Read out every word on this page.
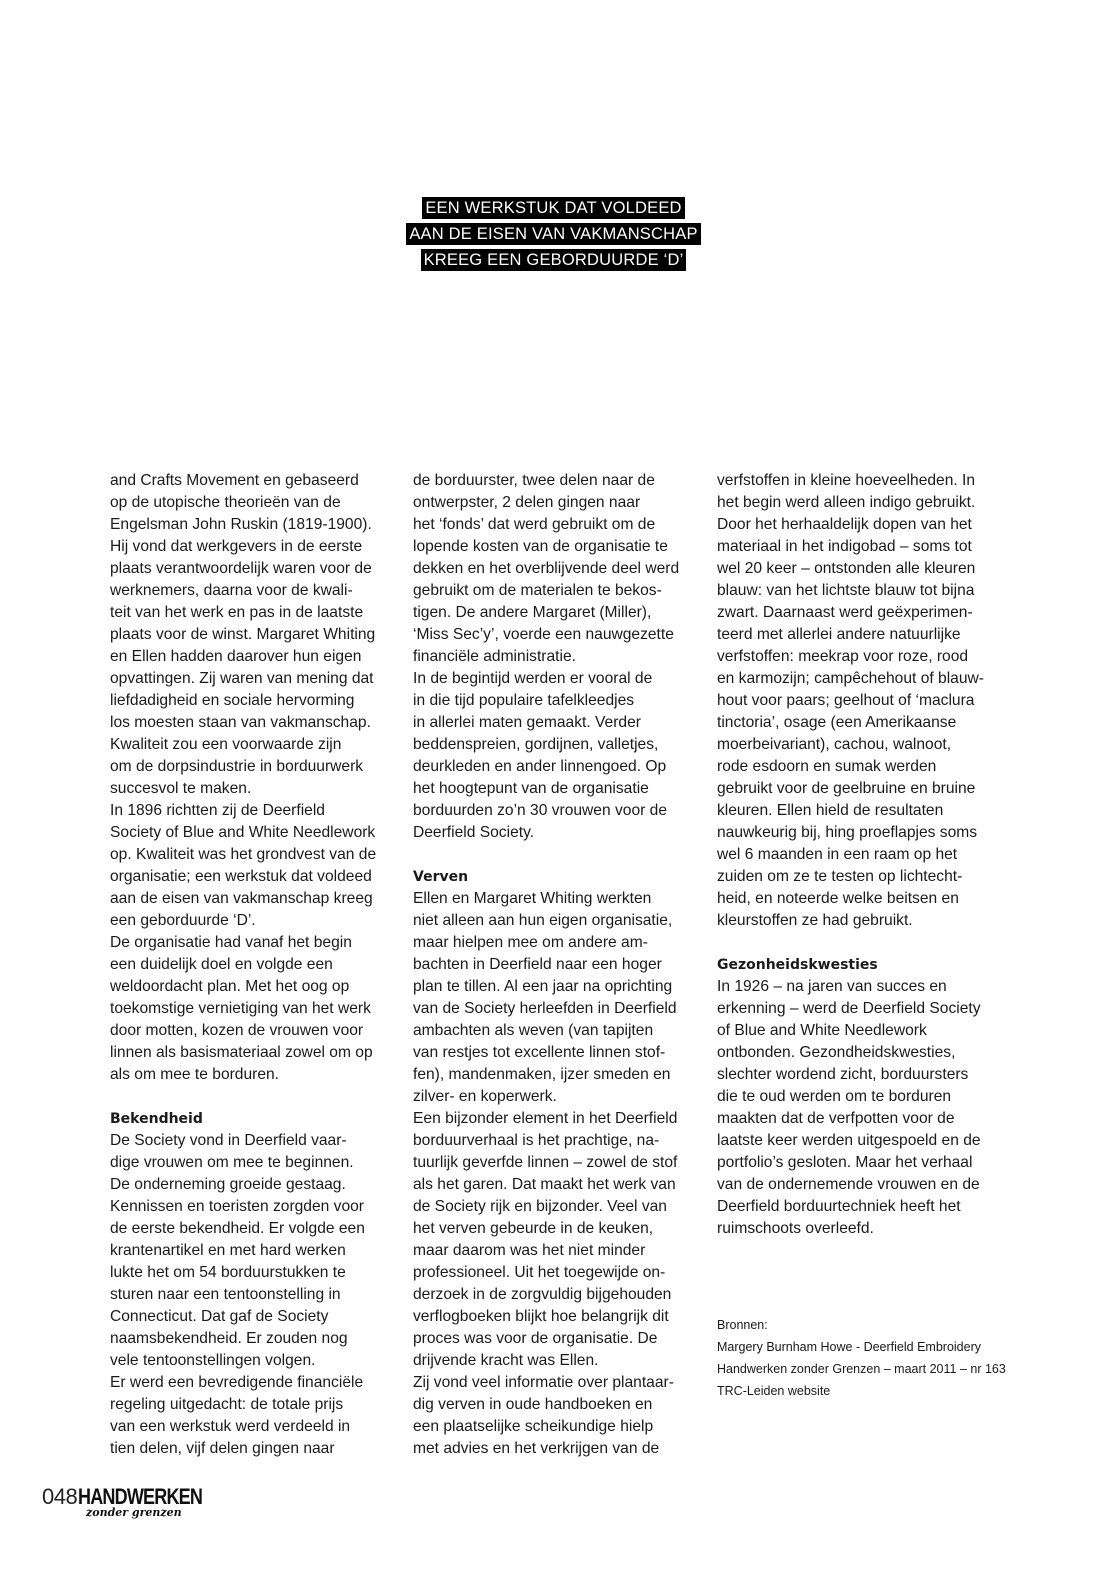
EEN WERKSTUK DAT VOLDEED
AAN DE EISEN VAN VAKMANSCHAP
KREEG EEN GEBORDUURDE ‘D’

and Crafts Movement en gebaseerd

op de utopische theorieën van de

Engelsman John Ruskin (1819-1900).

Hij vond dat werkgevers in de eerste

plaats verantwoordelijk waren voor de

werknemers, daarna voor de kwali-

teit van het werk en pas in de laatste

plaats voor de winst. Margaret Whiting

en Ellen hadden daarover hun eigen

opvattingen. Zij waren van mening dat

liefdadigheid en sociale hervorming

los moesten staan van vakmanschap.

Kwaliteit zou een voorwaarde zijn

om de dorpsindustrie in borduurwerk

succesvol te maken.

In 1896 richtten zij de Deerfield

Society of Blue and White Needlework

op. Kwaliteit was het grondvest van de

organisatie; een werkstuk dat voldeed

aan de eisen van vakmanschap kreeg

een geborduurde ‘D’.

De organisatie had vanaf het begin

een duidelijk doel en volgde een

weldoordacht plan. Met het oog op

toekomstige vernietiging van het werk

door motten, kozen de vrouwen voor

linnen als basismateriaal zowel om op

als om mee te borduren.

Bekendheid

De Society vond in Deerfield vaar-

dige vrouwen om mee te beginnen.

De onderneming groeide gestaag.

Kennissen en toeristen zorgden voor

de eerste bekendheid. Er volgde een

krantenartikel en met hard werken

lukte het om 54 borduurstukken te

sturen naar een tentoonstelling in

Connecticut. Dat gaf de Society

naamsbekendheid. Er zouden nog

vele tentoonstellingen volgen.

Er werd een bevredigende financiële

regeling uitgedacht: de totale prijs

van een werkstuk werd verdeeld in

tien delen, vijf delen gingen naar

de borduurster, twee delen naar de

ontwerpster, 2 delen gingen naar

het ‘fonds’ dat werd gebruikt om de

lopende kosten van de organisatie te

dekken en het overblijvende deel werd

gebruikt om de materialen te bekos-

tigen. De andere Margaret (Miller),

‘Miss Sec’y’, voerde een nauwgezette

financiële administratie.

In de begintijd werden er vooral de

in die tijd populaire tafelkleedjes

in allerlei maten gemaakt. Verder

beddenspreien, gordijnen, valletjes,

deurkleden en ander linnengoed. Op

het hoogtepunt van de organisatie

borduurden zo’n 30 vrouwen voor de

Deerfield Society.

Verven

Ellen en Margaret Whiting werkten

niet alleen aan hun eigen organisatie,

maar hielpen mee om andere am-

bachten in Deerfield naar een hoger

plan te tillen. Al een jaar na oprichting

van de Society herleefden in Deerfield

ambachten als weven (van tapijten

van restjes tot excellente linnen stof-

fen), mandenmaken, ijzer smeden en

zilver- en koperwerk.

Een bijzonder element in het Deerfield

borduurverhaal is het prachtige, na-

tuurlijk geverfde linnen – zowel de stof

als het garen. Dat maakt het werk van

de Society rijk en bijzonder. Veel van

het verven gebeurde in de keuken,

maar daarom was het niet minder

professioneel. Uit het toegewijde on-

derzoek in de zorgvuldig bijgehouden

verflogboeken blijkt hoe belangrijk dit

proces was voor de organisatie. De

drijvende kracht was Ellen.

Zij vond veel informatie over plantaar-

dig verven in oude handboeken en

een plaatselijke scheikundige hielp

met advies en het verkrijgen van de

verfstoffen in kleine hoeveelheden. In

het begin werd alleen indigo gebruikt.

Door het herhaaldelijk dopen van het

materiaal in het indigobad – soms tot

wel 20 keer – ontstonden alle kleuren

blauw: van het lichtste blauw tot bijna

zwart. Daarnaast werd geëxperimen-

teerd met allerlei andere natuurlijke

verfstoffen: meekrap voor roze, rood

en karmozijn; campêchehout of blauw-

hout voor paars; geelhout of ‘maclura

tinctoria’, osage (een Amerikaanse

moerbeivariant), cachou, walnoot,

rode esdoorn en sumak werden

gebruikt voor de geelbruine en bruine

kleuren. Ellen hield de resultaten

nauwkeurig bij, hing proeflapjes soms

wel 6 maanden in een raam op het

zuiden om ze te testen op lichtecht-

heid, en noteerde welke beitsen en

kleurstoffen ze had gebruikt.

Gezonheidskwesties

In 1926 – na jaren van succes en

erkenning – werd de Deerfield Society

of Blue and White Needlework

ontbonden. Gezondheidskwesties,

slechter wordend zicht, borduursters

die te oud werden om te borduren

maakten dat de verfpotten voor de

laatste keer werden uitgespoeld en de

portfolio’s gesloten. Maar het verhaal

van de ondernemende vrouwen en de

Deerfield borduurtechniek heeft het

ruimschoots overleefd.

Bronnen:
Margery Burnham Howe - Deerfield Embroidery
Handwerken zonder Grenzen – maart 2011 – nr 163
TRC-Leiden website
048HANDWERKEN
zonder grenzen
